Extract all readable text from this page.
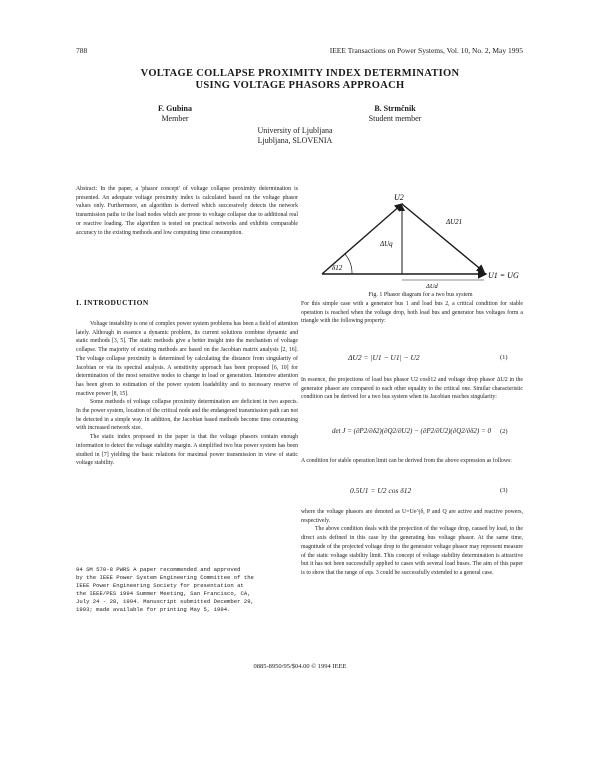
788	IEEE Transactions on Power Systems, Vol. 10, No. 2, May 1995
VOLTAGE COLLAPSE PROXIMITY INDEX DETERMINATION
USING VOLTAGE PHASORS APPROACH
F. Gubina
Member
B. Strmčnik
Student member
University of Ljubljana
Ljubljana, SLOVENIA

Abstract: In the paper, a 'phasor concept' of voltage collapse proximity determination is presented. An adequate voltage proximity index is calculated based on the voltage phasor values only. Furthermore, an algorithm is derived which successively detects the network transmission paths to the load nodes which are prone to voltage collapse due to additional real or reactive loading. The algorithm is tested on practical networks and exhibits comparable accuracy to the existing methods and low computing time consumption.

U2
ΔU21
ΔUq
δ12
ΔUd
U1 = UG
Fig. 1 Phasor diagram for a two bus system
I. INTRODUCTION

Voltage instability is one of complex power system problems has been a field of attention lately. Although in essence a dynamic problem, its current solutions combine dynamic and static methods [3, 5]. The static methods give a better insight into the mechanism of voltage collapse. The majority of existing methods are based on the Jacobian matrix analysis [2, 16]. The voltage collapse proximity is determined by calculating the distance from singularity of Jacobian or via its spectral analysis. A sensitivity approach has been proposed [6, 10] for determination of the most sensitive nodes to change in load or generation. Intensive attention has been given to estimation of the power system loadability and to necessary reserve of reactive power [8, 15].

Some methods of voltage collapse proximity determination are deficient in two aspects. In the power system, location of the critical node and the endangered transmission path can not be detected in a simple way. In addition, the Jacobian based methods become time consuming with increased network size.

The static index proposed in the paper is that the voltage phasors contain enough information to detect the voltage stability margin. A simplified two bus power system has been studied in [7] yielding the basic relations for maximal power transmission in view of static voltage stability.

94 SM 570-8 PWRS A paper recommended and approved
by the IEEE Power System Engineering Committee of the
IEEE Power Engineering Society for presentation at
the IEEE/PES 1994 Summer Meeting, San Francisco, CA,
July 24 - 28, 1994. Manuscript submitted December 29,
1993; made available for printing May 5, 1994.

For this simple case with a generator bus 1 and load bus 2, a critical condition for stable operation is reached when the voltage drop, both load bus and generator bus voltages form a triangle with the following property:

ΔU2 = |U1 − U1| − U2	(1)

In essence, the projections of load bus phasor U2 cosδ12 and voltage drop phasor ΔU2 in the generator phasor are compared to each other equality to the critical one. Similar characteristic condition can be derived for a two bus system when its Jacobian reaches singularity:

det J = (∂P2/∂δ2)(∂Q2/∂U2) − (∂P2/∂U2)(∂Q2/∂δ2) = 0 (2)

A condition for stable operation limit can be derived from the above expression as follows:

0.5U1 = U2 cos δ12	(3)

where the voltage phasors are denoted as U=Ue^jδ, P and Q are active and reactive powers, respectively.

The above condition deals with the projection of the voltage drop, caused by load, to the direct axis defined in this case by the generating bus voltage phasor. At the same time, magnitude of the projected voltage drop to the generator voltage phasor may represent measure of the static voltage stability limit. This concept of voltage stability determination is attractive but it has not been successfully applied to cases with several load buses. The aim of this paper is to show that the range of eqs. 3 could be successfully extended to a general case.

0885-8950/95/$04.00 © 1994 IEEE
